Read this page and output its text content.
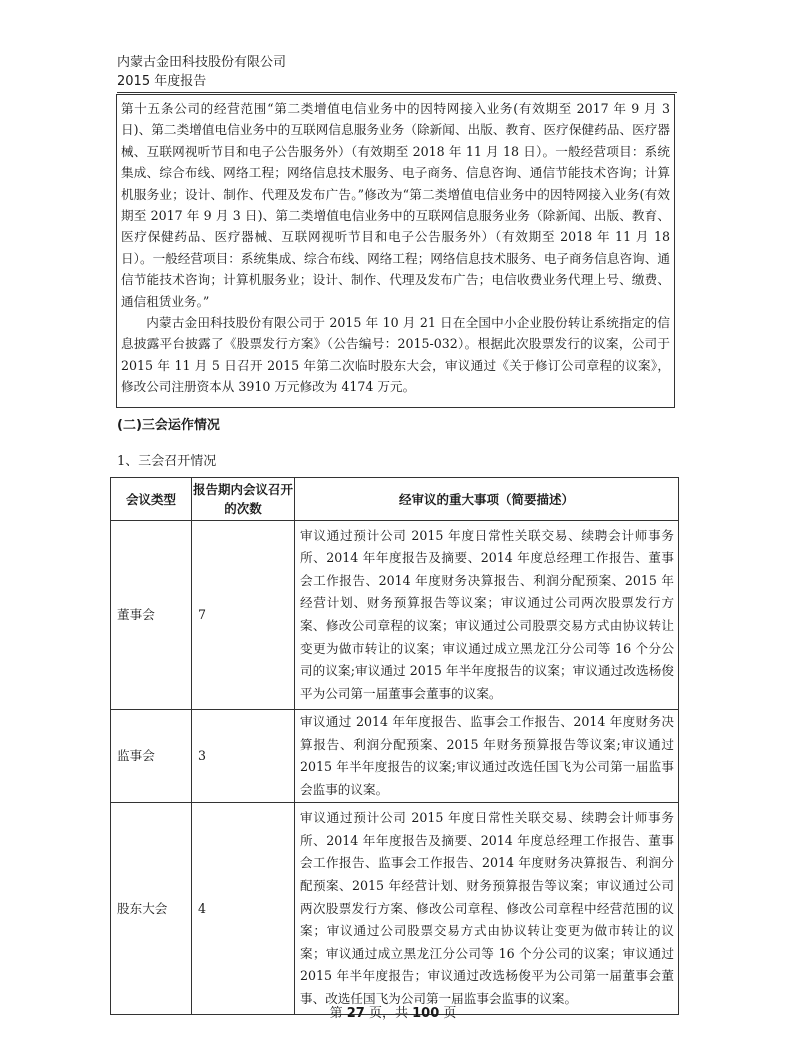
内蒙古金田科技股份有限公司
2015 年度报告

第十五条公司的经营范围“第二类增值电信业务中的因特网接入业务(有效期至 2017 年 9 月 3 日)、第二类增值电信业务中的互联网信息服务业务（除新闻、出版、教育、医疗保健药品、医疗器械、互联网视听节目和电子公告服务外）（有效期至 2018 年 11 月 18 日）。一般经营项目：系统集成、综合布线、网络工程；网络信息技术服务、电子商务、信息咨询、通信节能技术咨询；计算机服务业；设计、制作、代理及发布广告。”修改为“第二类增值电信业务中的因特网接入业务(有效期至 2017 年 9 月 3 日)、第二类增值电信业务中的互联网信息服务业务（除新闻、出版、教育、医疗保健药品、医疗器械、互联网视听节目和电子公告服务外）（有效期至 2018 年 11 月 18 日）。一般经营项目：系统集成、综合布线、网络工程；网络信息技术服务、电子商务信息咨询、通信节能技术咨询；计算机服务业；设计、制作、代理及发布广告；电信收费业务代理上号、缴费、通信租赁业务。”

内蒙古金田科技股份有限公司于 2015 年 10 月 21 日在全国中小企业股份转让系统指定的信息披露平台披露了《股票发行方案》（公告编号：2015-032）。根据此次股票发行的议案，公司于 2015 年 11 月 5 日召开 2015 年第二次临时股东大会，审议通过《关于修订公司章程的议案》，修改公司注册资本从 3910 万元修改为 4174 万元。

(二)三会运作情况
1、三会召开情况
会议类型	报告期内会议召开的次数	经审议的重大事项（简要描述）
董事会	7	审议通过预计公司 2015 年度日常性关联交易、续聘会计师事务所、2014 年年度报告及摘要、2014 年度总经理工作报告、董事会工作报告、2014 年度财务决算报告、利润分配预案、2015 年经营计划、财务预算报告等议案；审议通过公司两次股票发行方案、修改公司章程的议案；审议通过公司股票交易方式由协议转让变更为做市转让的议案；审议通过成立黑龙江分公司等 16 个分公司的议案;审议通过 2015 年半年度报告的议案；审议通过改选杨俊平为公司第一届董事会董事的议案。
监事会	3	审议通过 2014 年年度报告、监事会工作报告、2014 年度财务决算报告、利润分配预案、2015 年财务预算报告等议案;审议通过 2015 年半年度报告的议案;审议通过改选任国飞为公司第一届监事会监事的议案。
股东大会	4	审议通过预计公司 2015 年度日常性关联交易、续聘会计师事务所、2014 年年度报告及摘要、2014 年度总经理工作报告、董事会工作报告、监事会工作报告、2014 年度财务决算报告、利润分配预案、2015 年经营计划、财务预算报告等议案；审议通过公司两次股票发行方案、修改公司章程、修改公司章程中经营范围的议案；审议通过公司股票交易方式由协议转让变更为做市转让的议案；审议通过成立黑龙江分公司等 16 个分公司的议案；审议通过 2015 年半年度报告；审议通过改选杨俊平为公司第一届董事会董事、改选任国飞为公司第一届监事会监事的议案。
第 27 页，共 100 页
